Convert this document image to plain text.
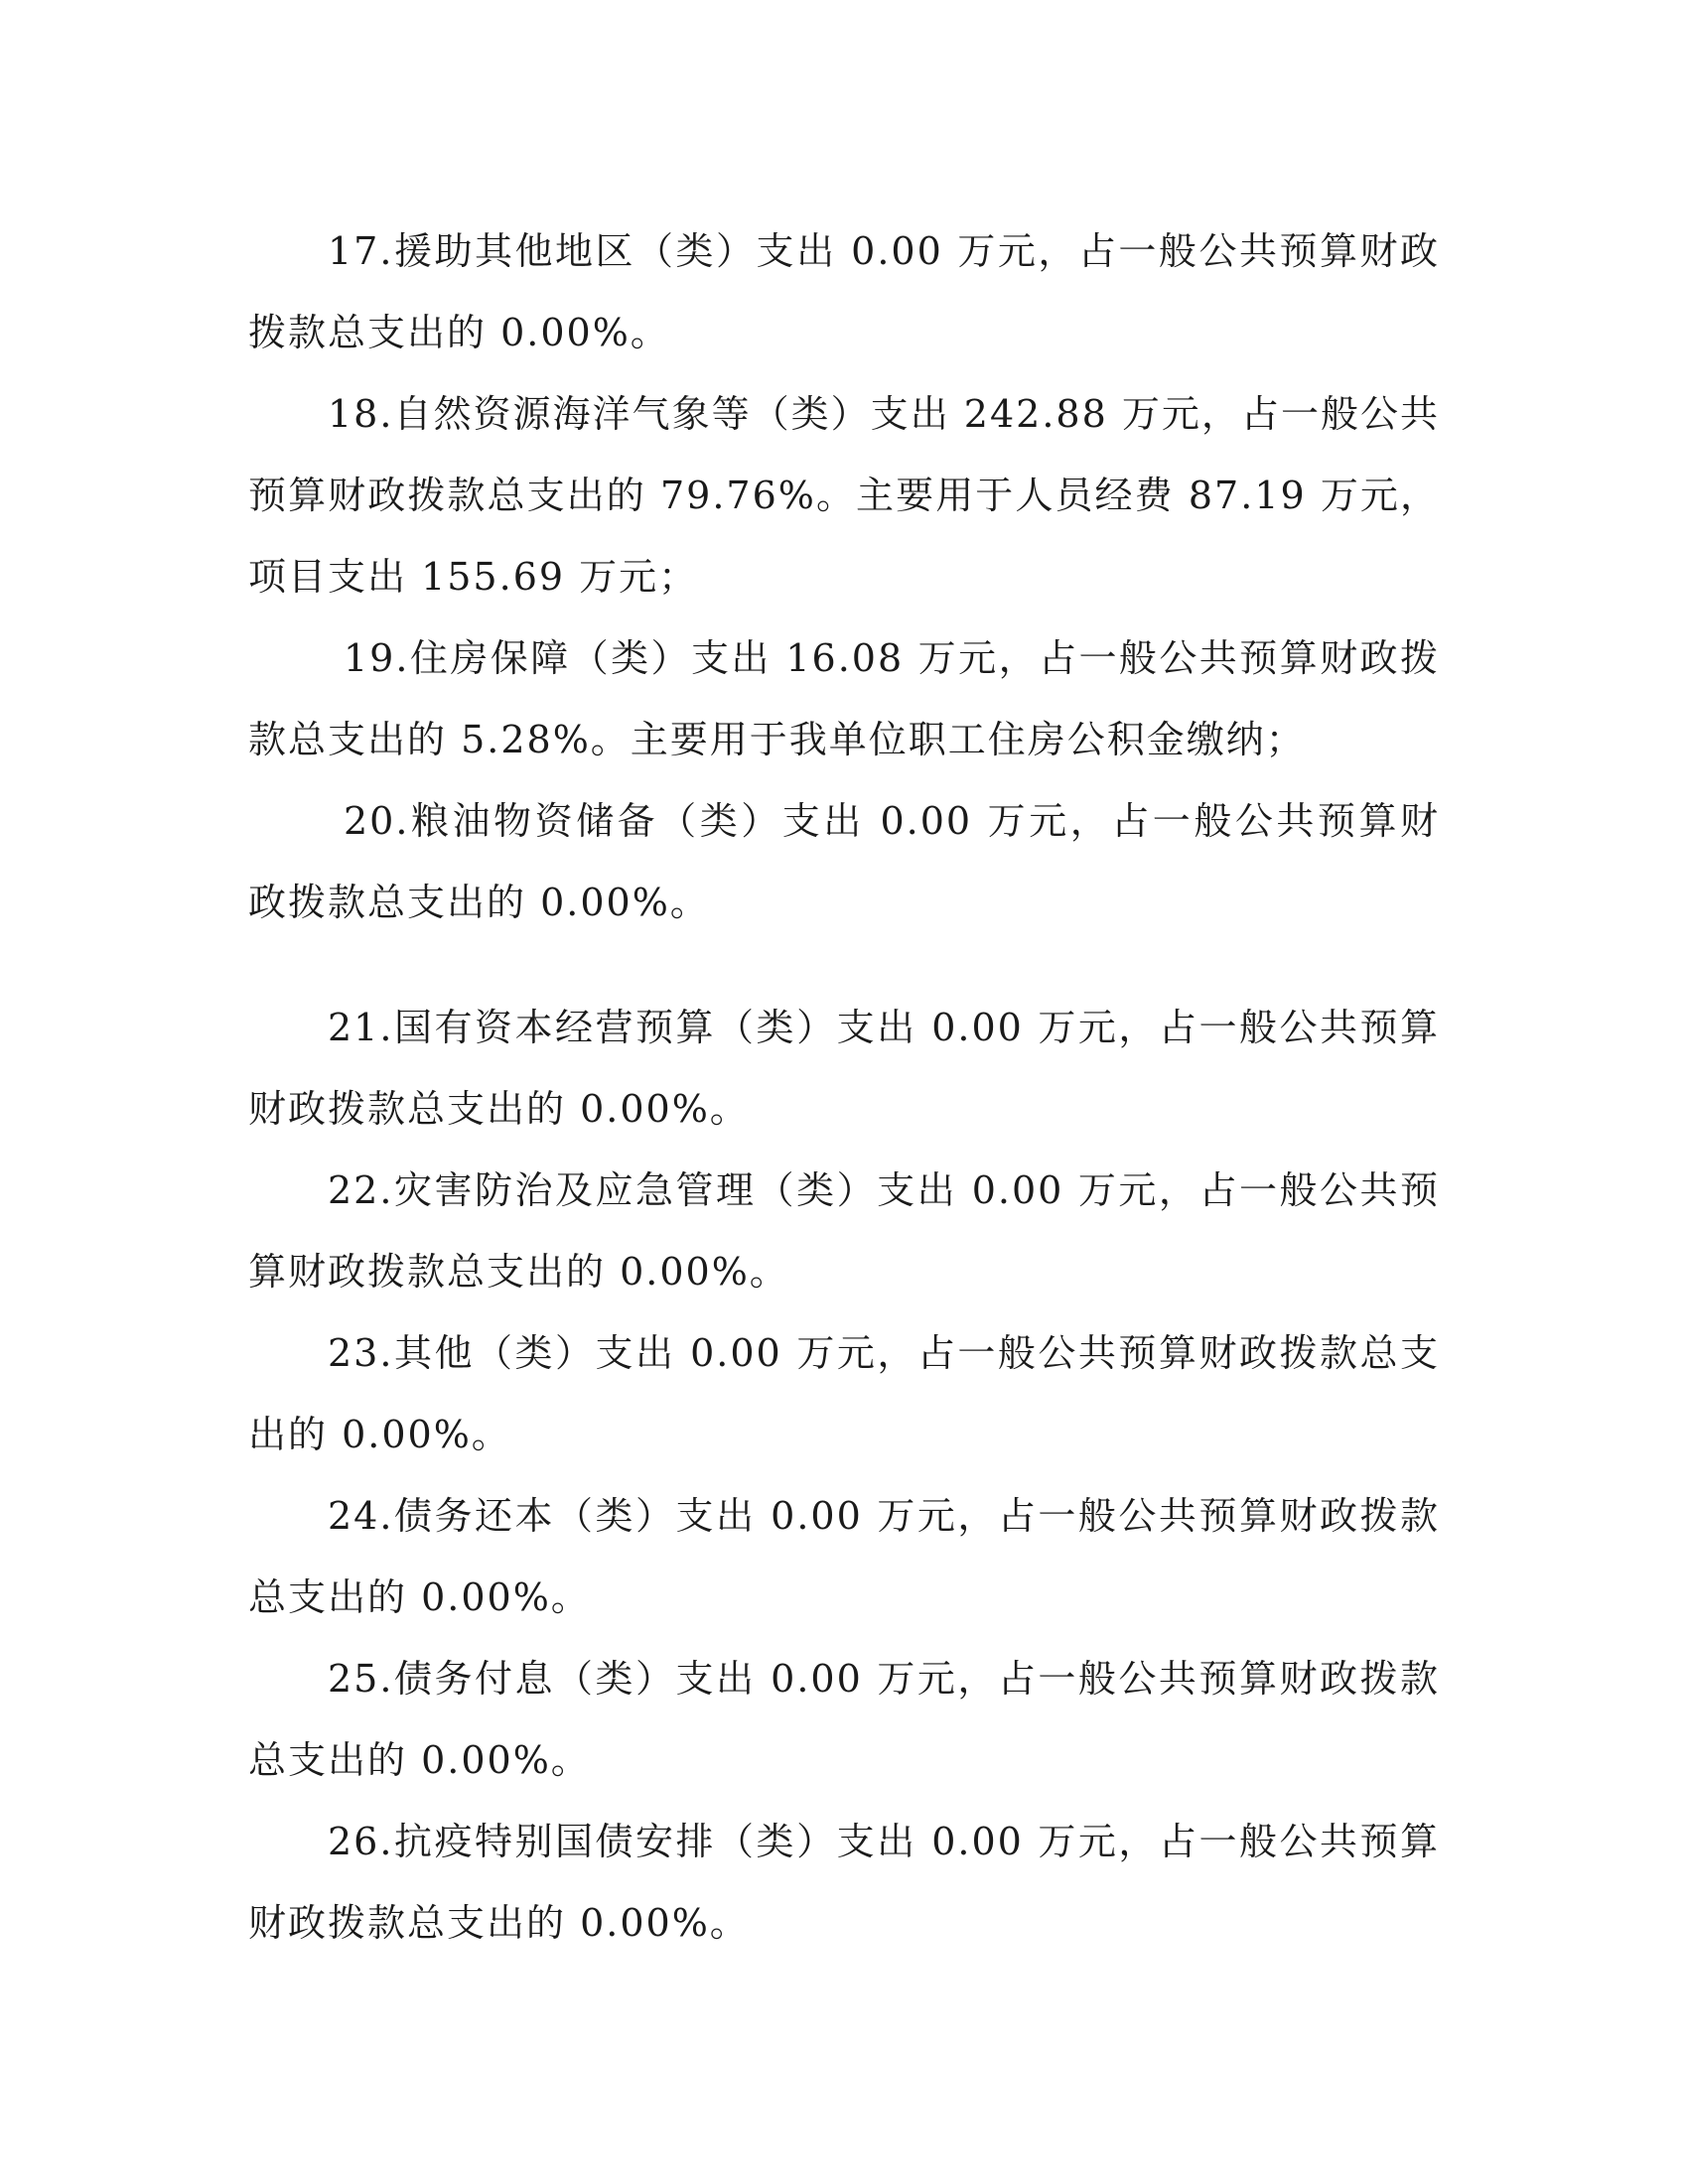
17.援助其他地区（类）支出 0.00 万元，占一般公共预算财政拨款总支出的 0.00%。

18.自然资源海洋气象等（类）支出 242.88 万元，占一般公共预算财政拨款总支出的 79.76%。主要用于人员经费 87.19 万元，项目支出 155.69 万元；

19.住房保障（类）支出 16.08 万元，占一般公共预算财政拨款总支出的 5.28%。主要用于我单位职工住房公积金缴纳；

20.粮油物资储备（类）支出 0.00 万元，占一般公共预算财政拨款总支出的 0.00%。

21.国有资本经营预算（类）支出 0.00 万元，占一般公共预算财政拨款总支出的 0.00%。

22.灾害防治及应急管理（类）支出 0.00 万元，占一般公共预算财政拨款总支出的 0.00%。

23.其他（类）支出 0.00 万元，占一般公共预算财政拨款总支出的 0.00%。

24.债务还本（类）支出 0.00 万元，占一般公共预算财政拨款总支出的 0.00%。

25.债务付息（类）支出 0.00 万元，占一般公共预算财政拨款总支出的 0.00%。

26.抗疫特别国债安排（类）支出 0.00 万元，占一般公共预算财政拨款总支出的 0.00%。
